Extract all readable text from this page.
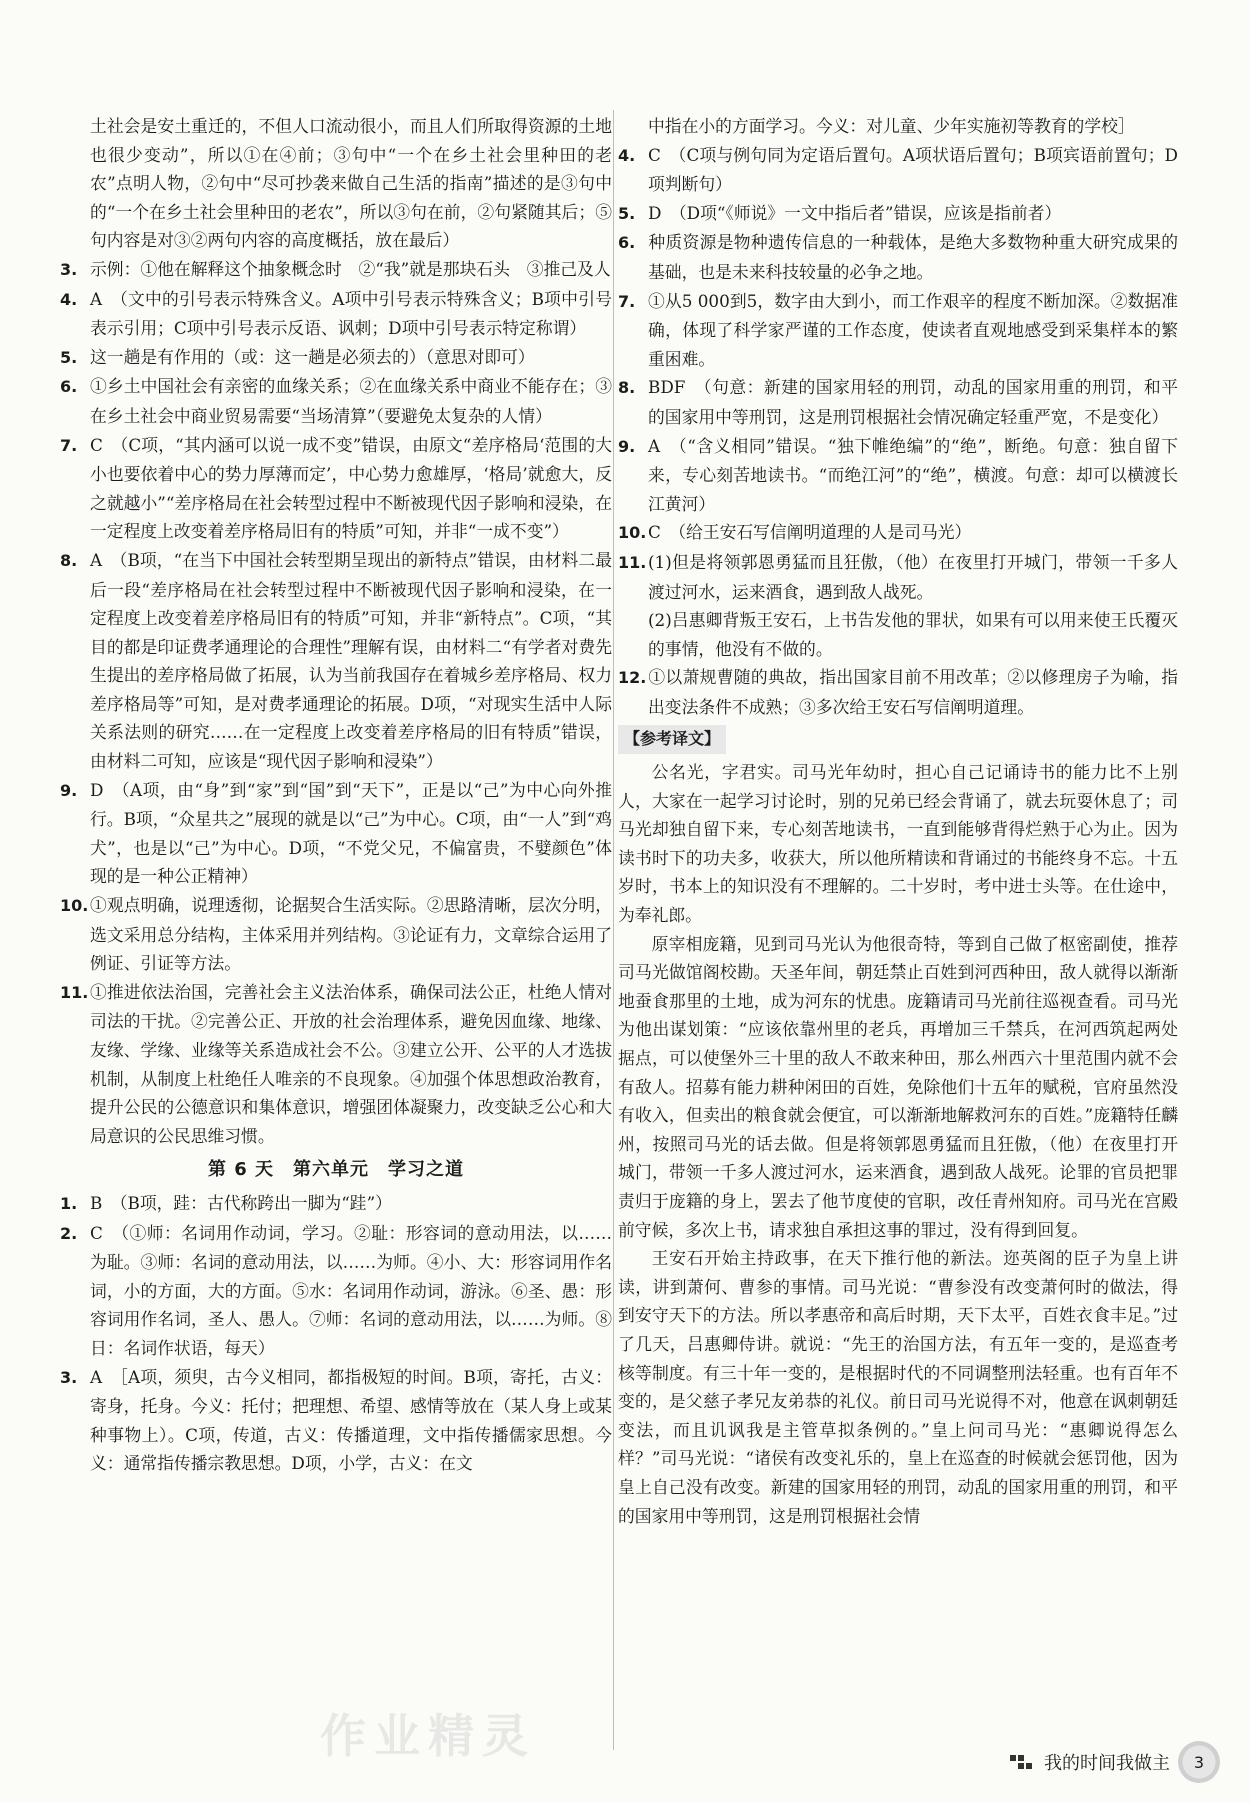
土社会是安土重迁的，不但人口流动很小，而且人们所取得资源的土地也很少变动”，所以①在④前；③句中“一个在乡土社会里种田的老农”点明人物，②句中“尽可抄袭来做自己生活的指南”描述的是③句中的“一个在乡土社会里种田的老农”，所以③句在前，②句紧随其后；⑤句内容是对③②两句内容的高度概括，放在最后）

3. 示例：①他在解释这个抽象概念时　②“我”就是那块石头　③推己及人

4. A　（文中的引号表示特殊含义。A项中引号表示特殊含义；B项中引号表示引用；C项中引号表示反语、讽刺；D项中引号表示特定称谓）

5. 这一趟是有作用的（或：这一趟是必须去的）（意思对即可）

6. ①乡土中国社会有亲密的血缘关系；②在血缘关系中商业不能存在；③在乡土社会中商业贸易需要“当场清算”（要避免太复杂的人情）

7. C　（C项，“其内涵可以说一成不变”错误，由原文“差序格局‘范围的大小也要依着中心的势力厚薄而定’，中心势力愈雄厚，‘格局’就愈大，反之就越小”“差序格局在社会转型过程中不断被现代因子影响和浸染，在一定程度上改变着差序格局旧有的特质”可知，并非“一成不变”）

8. A　（B项，“在当下中国社会转型期呈现出的新特点”错误，由材料二最后一段“差序格局在社会转型过程中不断被现代因子影响和浸染，在一定程度上改变着差序格局旧有的特质”可知，并非“新特点”。C项，“其目的都是印证费孝通理论的合理性”理解有误，由材料二“有学者对费先生提出的差序格局做了拓展，认为当前我国存在着城乡差序格局、权力差序格局等”可知，是对费孝通理论的拓展。D项，“对现实生活中人际关系法则的研究……在一定程度上改变着差序格局的旧有特质”错误，由材料二可知，应该是“现代因子影响和浸染”）

9. D　（A项，由“身”到“家”到“国”到“天下”，正是以“己”为中心向外推行。B项，“众星共之”展现的就是以“己”为中心。C项，由“一人”到“鸡犬”，也是以“己”为中心。D项，“不党父兄，不偏富贵，不嬖颜色”体现的是一种公正精神）

10.①观点明确，说理透彻，论据契合生活实际。②思路清晰，层次分明，选文采用总分结构，主体采用并列结构。③论证有力，文章综合运用了例证、引证等方法。

11.①推进依法治国，完善社会主义法治体系，确保司法公正，杜绝人情对司法的干扰。②完善公正、开放的社会治理体系，避免因血缘、地缘、友缘、学缘、业缘等关系造成社会不公。③建立公开、公平的人才选拔机制，从制度上杜绝任人唯亲的不良现象。④加强个体思想政治教育，提升公民的公德意识和集体意识，增强团体凝聚力，改变缺乏公心和大局意识的公民思维习惯。

第 6 天　第六单元　学习之道

1. B　（B项，跬：古代称跨出一脚为“跬”）

2. C　（①师：名词用作动词，学习。②耻：形容词的意动用法，以……为耻。③师：名词的意动用法，以……为师。④小、大：形容词用作名词，小的方面，大的方面。⑤水：名词用作动词，游泳。⑥圣、愚：形容词用作名词，圣人、愚人。⑦师：名词的意动用法，以……为师。⑧日：名词作状语，每天）

3. A　［A项，须臾，古今义相同，都指极短的时间。B项，寄托，古义：寄身，托身。今义：托付；把理想、希望、感情等放在（某人身上或某种事物上）。C项，传道，古义：传播道理，文中指传播儒家思想。今义：通常指传播宗教思想。D项，小学，古义：在文

中指在小的方面学习。今义：对儿童、少年实施初等教育的学校］

4. C　（C项与例句同为定语后置句。A项状语后置句；B项宾语前置句；D项判断句）

5. D　（D项“《师说》一文中指后者”错误，应该是指前者）

6. 种质资源是物种遗传信息的一种载体，是绝大多数物种重大研究成果的基础，也是未来科技较量的必争之地。

7. ①从5 000到5，数字由大到小，而工作艰辛的程度不断加深。②数据准确，体现了科学家严谨的工作态度，使读者直观地感受到采集样本的繁重困难。

8. BDF　（句意：新建的国家用轻的刑罚，动乱的国家用重的刑罚，和平的国家用中等刑罚，这是刑罚根据社会情况确定轻重严宽，不是变化）

9. A　（“含义相同”错误。“独下帷绝编”的“绝”，断绝。句意：独自留下来，专心刻苦地读书。“而绝江河”的“绝”，横渡。句意：却可以横渡长江黄河）

10.C　（给王安石写信阐明道理的人是司马光）

11.(1)但是将领郭恩勇猛而且狂傲，（他）在夜里打开城门，带领一千多人渡过河水，运来酒食，遇到敌人战死。

(2)吕惠卿背叛王安石，上书告发他的罪状，如果有可以用来使王氏覆灭的事情，他没有不做的。

12.①以萧规曹随的典故，指出国家目前不用改革；②以修理房子为喻，指出变法条件不成熟；③多次给王安石写信阐明道理。

【参考译文】

公名光，字君实。司马光年幼时，担心自己记诵诗书的能力比不上别人，大家在一起学习讨论时，别的兄弟已经会背诵了，就去玩耍休息了；司马光却独自留下来，专心刻苦地读书，一直到能够背得烂熟于心为止。因为读书时下的功夫多，收获大，所以他所精读和背诵过的书能终身不忘。十五岁时，书本上的知识没有不理解的。二十岁时，考中进士头等。在仕途中，为奉礼郎。

原宰相庞籍，见到司马光认为他很奇特，等到自己做了枢密副使，推荐司马光做馆阁校勘。天圣年间，朝廷禁止百姓到河西种田，敌人就得以渐渐地蚕食那里的土地，成为河东的忧患。庞籍请司马光前往巡视查看。司马光为他出谋划策：“应该依靠州里的老兵，再增加三千禁兵，在河西筑起两处据点，可以使堡外三十里的敌人不敢来种田，那么州西六十里范围内就不会有敌人。招募有能力耕种闲田的百姓，免除他们十五年的赋税，官府虽然没有收入，但卖出的粮食就会便宜，可以渐渐地解救河东的百姓。”庞籍特任麟州，按照司马光的话去做。但是将领郭恩勇猛而且狂傲，（他）在夜里打开城门，带领一千多人渡过河水，运来酒食，遇到敌人战死。论罪的官员把罪责归于庞籍的身上，罢去了他节度使的官职，改任青州知府。司马光在宫殿前守候，多次上书，请求独自承担这事的罪过，没有得到回复。

王安石开始主持政事，在天下推行他的新法。迩英阁的臣子为皇上讲读，讲到萧何、曹参的事情。司马光说：“曹参没有改变萧何时的做法，得到安守天下的方法。所以孝惠帝和高后时期，天下太平，百姓衣食丰足。”过了几天，吕惠卿侍讲。就说：“先王的治国方法，有五年一变的，是巡查考核等制度。有三十年一变的，是根据时代的不同调整刑法轻重。也有百年不变的，是父慈子孝兄友弟恭的礼仪。前日司马光说得不对，他意在讽刺朝廷变法，而且讥讽我是主管草拟条例的。”皇上问司马光：“惠卿说得怎么样？”司马光说：“诸侯有改变礼乐的，皇上在巡查的时候就会惩罚他，因为皇上自己没有改变。新建的国家用轻的刑罚，动乱的国家用重的刑罚，和平的国家用中等刑罚，这是刑罚根据社会情

作业精灵
我的时间我做主	3
